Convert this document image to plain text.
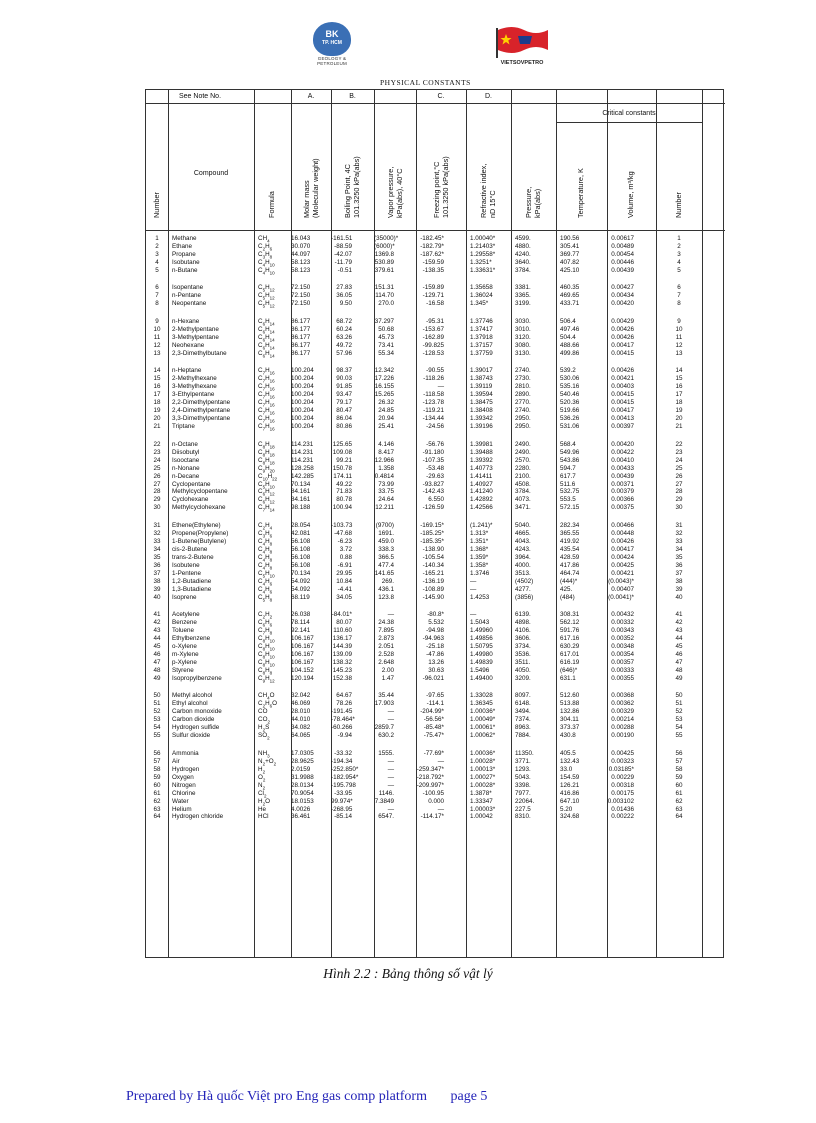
BK
TP. HCM
GEOLOGY & PETROLEUM	VIETSOVPETRO
PHYSICAL CONSTANTS
See Note No.	A.	B.	C.	D.
Critical constants
Number	Formula	Molar mass (Molecular weight)	Boiling Point, 4C 101.3250 kPa(abs)	Vapor pressure, kPa(abs), 40°C	Freezing point,°C 101.3250 kPa(abs)	Refractive index, nD 15°C	Pressure, kPa(abs)	Temperature, K	Volume, m³/kg	Number
Compound
1	Methane	$CH_4$	16.043	-161.51	(35000)*	-182.45*	1.00040*	4599.	190.56	0.00617	1
2	Ethane	$C_2H_6$	30.070	-88.59	(6000)*	-182.79*	1.21403*	4880.	305.41	0.00489	2
3	Propane	$C_3H_8$	44.097	-42.07	1369.8	-187.62*	1.29558*	4240.	369.77	0.00454	3
4	Isobutane	$C_4H_{10}$	58.123	-11.79	530.89	-159.59	1.3251*	3640.	407.82	0.00446	4
5	n-Butane	$C_4H_{10}$	58.123	-0.51	379.61	-138.35	1.33631*	3784.	425.10	0.00439	5
6	Isopentane	$C_5H_{12}$	72.150	27.83	151.31	-159.89	1.35658	3381.	460.35	0.00427	6
7	n-Pentane	$C_5H_{12}$	72.150	36.05	114.70	-129.71	1.36024	3365.	469.65	0.00434	7
8	Neopentane	$C_5H_{12}$	72.150	9.50	270.0	-16.58	1.345*	3199.	433.71	0.00420	8
9	n-Hexane	$C_6H_{14}$	86.177	68.72	37.297	-95.31	1.37746	3030.	506.4	0.00429	9
10	2-Methylpentane	$C_6H_{14}$	86.177	60.24	50.68	-153.67	1.37417	3010.	497.46	0.00426	10
11	3-Methylpentane	$C_6H_{14}$	86.177	63.26	45.73	-162.89	1.37918	3120.	504.4	0.00426	11
12	Neohexane	$C_6H_{14}$	86.177	49.72	73.41	-99.825	1.37157	3080.	488.66	0.00417	12
13	2,3-Dimethylbutane	$C_6H_{14}$	86.177	57.96	55.34	-128.53	1.37759	3130.	499.86	0.00415	13
14	n-Heptane	$C_7H_{16}$	100.204	98.37	12.342	-90.55	1.39017	2740.	539.2	0.00426	14
15	2-Methylhexane	$C_7H_{16}$	100.204	90.03	17.226	-118.26	1.38743	2730.	530.06	0.00421	15
16	3-Methylhexane	$C_7H_{16}$	100.204	91.85	16.155	—	1.39119	2810.	535.16	0.00403	16
17	3-Ethylpentane	$C_7H_{16}$	100.204	93.47	15.265	-118.58	1.39594	2890.	540.46	0.00415	17
18	2,2-Dimethylpentane	$C_7H_{16}$	100.204	79.17	26.32	-123.78	1.38475	2770.	520.36	0.00415	18
19	2,4-Dimethylpentane	$C_7H_{16}$	100.204	80.47	24.85	-119.21	1.38408	2740.	519.66	0.00417	19
20	3,3-Dimethylpentane	$C_7H_{16}$	100.204	86.04	20.94	-134.44	1.39342	2950.	536.26	0.00413	20
21	Triptane	$C_7H_{16}$	100.204	80.86	25.41	-24.56	1.39196	2950.	531.06	0.00397	21
22	n-Octane	$C_8H_{18}$	114.231	125.65	4.146	-56.76	1.39981	2490.	568.4	0.00420	22
23	Diisobutyl	$C_8H_{18}$	114.231	109.08	8.417	-91.180	1.39488	2490.	549.96	0.00422	23
24	Isooctane	$C_8H_{18}$	114.231	99.21	12.966	-107.35	1.39392	2570.	543.86	0.00410	24
25	n-Nonane	$C_9H_{20}$	128.258	150.78	1.358	-53.48	1.40773	2280.	594.7	0.00433	25
26	n-Decane	$C_{10}H_{22}$ 142.285	174.11	0.4814	-29.63	1.41411	2100.	617.7	0.00439	26
27	Cyclopentane	$C_5H_{10}$	70.134	49.22	73.99	-93.827	1.40927	4508.	511.6	0.00371	27
28	Methylcyclopentane	$C_6H_{12}$	84.161	71.83	33.75	-142.43	1.41240	3784.	532.75	0.00379	28
29	Cyclohexane	$C_6H_{12}$	84.161	80.78	24.64	6.550	1.42892	4073.	553.5	0.00366	29
30	Methylcyclohexane	$C_7H_{14}$	98.188	100.94	12.211	-126.59	1.42566	3471.	572.15	0.00375	30
31	Ethene(Ethylene)	$C_2H_4$	28.054	-103.73	(9700)	-169.15*	(1.241)*	5040.	282.34	0.00466	31
32	Propene(Propylene)	$C_3H_6$	42.081	-47.68	1691.	-185.25*	1.313*	4665.	365.55	0.00448	32
33	1-Butene(Butylene)	$C_4H_8$	56.108	-6.23	459.0	-185.35*	1.351*	4043.	419.92	0.00426	33
34	cis-2-Butene	$C_4H_8$	56.108	3.72	338.3	-138.90	1.368*	4243.	435.54	0.00417	34
35	trans-2-Butene	$C_4H_8$	56.108	0.88	366.5	-105.54	1.359*	3964.	428.59	0.00424	35
36	Isobutene	$C_4H_8$	56.108	-6.91	477.4	-140.34	1.358*	4000.	417.86	0.00425	36
37	1-Pentene	$C_5H_{10}$	70.134	29.95	141.65	-165.21	1.3746	3513.	464.74	0.00421	37
38	1,2-Butadiene	$C_4H_6$	54.092	10.84	269.	-136.19	—	(4502)	(444)*	(0.0043)*	38
39	1,3-Butadiene	$C_4H_6$	54.092	-4.41	436.1	-108.89	—	4277.	425.	0.00407	39
40	Isoprene	$C_5H_8$	68.119	34.05	123.8	-145.90	1.4253	(3856)	(484)	(0.0041)*	40
41	Acetylene	$C_2H_2$	26.038	-84.01*	—	-80.8*	—	6139.	308.31	0.00432	41
42	Benzene	$C_6H_6$	78.114	80.07	24.38	5.532	1.5043	4898.	562.12	0.00332	42
43	Toluene	$C_7H_8$	92.141	110.60	7.895	-94.98	1.49960	4106.	591.76	0.00343	43
44	Ethylbenzene	$C_8H_{10}$	106.167	136.17	2.873	-94.963	1.49856	3606.	617.16	0.00352	44
45	o-Xylene	$C_8H_{10}$	106.167	144.39	2.051	-25.18	1.50795	3734.	630.29	0.00348	45
46	m-Xylene	$C_8H_{10}$	106.167	139.09	2.528	-47.86	1.49980	3536.	617.01	0.00354	46
47	p-Xylene	$C_8H_{10}$	106.167	138.32	2.648	13.26	1.49839	3511.	616.19	0.00357	47
48	Styrene	$C_8H_8$	104.152	145.23	2.00	30.63	1.5496	4050.	(646)*	0.00333	48
49	Isopropylbenzene	$C_9H_{12}$	120.194	152.38	1.47	-96.021	1.49400	3209.	631.1	0.00355	49
50	Methyl alcohol	$CH_4O$	32.042	64.67	35.44	-97.65	1.33028	8097.	512.60	0.00368	50
51	Ethyl alcohol	$C_2H_6O$ 46.069	78.26	17.903	-114.1	1.36345	6148.	513.88	0.00362	51
52	Carbon monoxide	CO	28.010	-191.45	—	-204.99*	1.00036*	3494.	132.86	0.00329	52
53	Carbon dioxide	$CO_2$	44.010	-78.464*	—	-56.56*	1.00049*	7374.	304.11	0.00214	53
54	Hydrogen sulfide	$H_2S$	34.082	-60.266	2859.7	-85.48*	1.00061*	8963.	373.37	0.00288	54
55	Sulfur dioxide	$SO_2$	64.065	-9.94	630.2	-75.47*	1.00062*	7884.	430.8	0.00190	55
56	Ammonia	$NH_3$	17.0305	-33.32	1555.	-77.69*	1.00036*	11350.	405.5	0.00425	56
57	Air	$N_2+O_2$ 28.9625	-194.34	—	—	1.00028*	3771.	132.43	0.00323	57
58	Hydrogen	$H_2$	2.0159	-252.850*	—	-259.347*	1.00013*	1293.	33.0	0.03185*	58
59	Oxygen	$O_2$	31.9988	-182.954*	—	-218.792*	1.00027*	5043.	154.59	0.00229	59
60	Nitrogen	$N_2$	28.0134	-195.798	—	-209.997*	1.00028*	3398.	126.21	0.00318	60
61	Chlorine	$Cl_2$	70.9054	-33.95	1146.	-100.95	1.3878*	7977.	416.86	0.00175	61
62	Water	$H_2O$	18.0153	99.974*	7.3849	0.000	1.33347	22064.	647.10	0.003102	62
63	Helium	He	4.0026	-268.95	—	—	1.00003*	227.5	5.20	0.01436	63
64	Hydrogen chloride	HCl	36.461	-85.14	6547.	-114.17*	1.00042	8310.	324.68	0.00222	64
Hình 2.2 : Bảng thông số vật lý
Prepared by Hà quốc Việt pro Eng gas comp platform page 5
